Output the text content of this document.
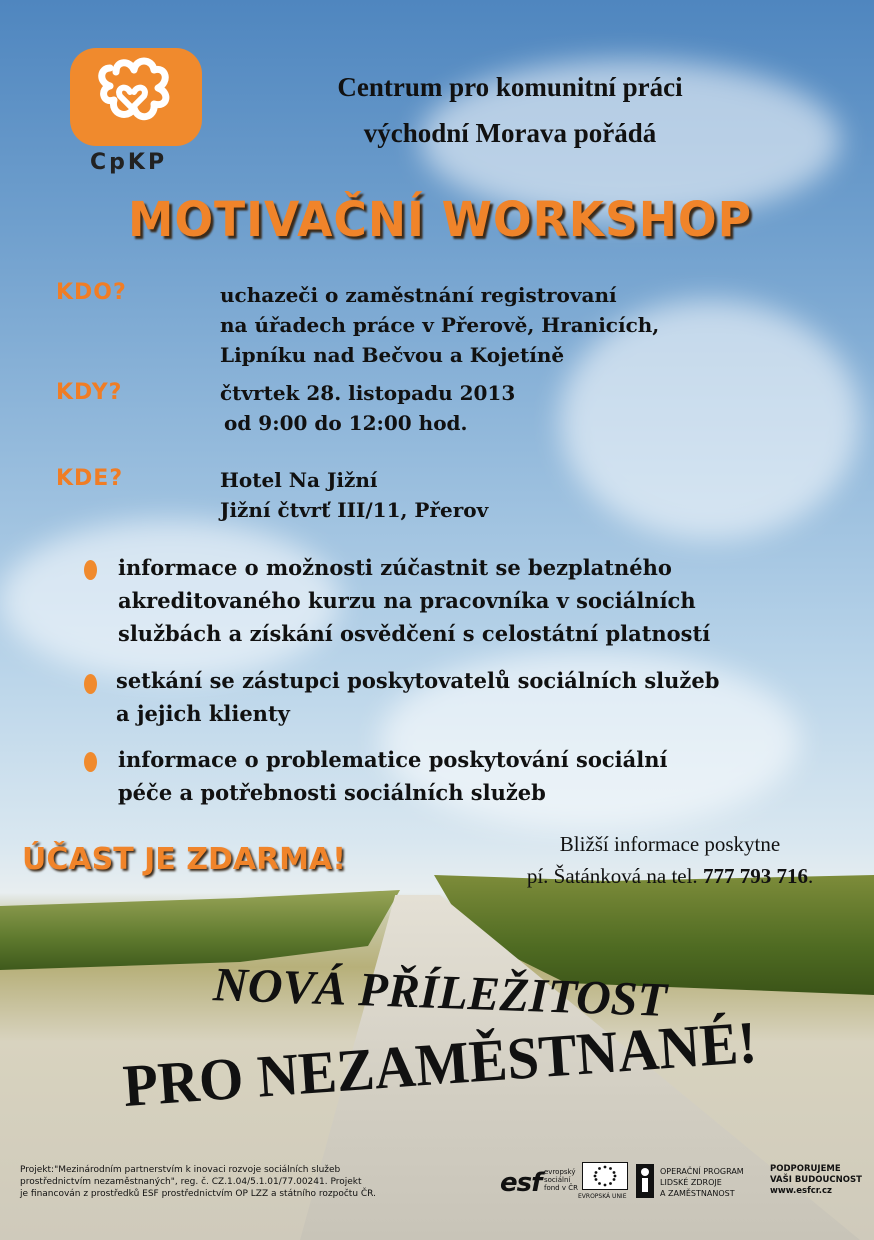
CpKP
Centrum pro komunitní práci
východní Morava pořádá
MOTIVAČNÍ WORKSHOP
KDO?	uchazeči o zaměstnání registrovaní
na úřadech práce v Přerově, Hranicích,
Lipníku nad Bečvou a Kojetíně
KDY?	čtvrtek 28. listopadu 2013
od 9:00 do 12:00 hod.
KDE?	Hotel Na Jižní
Jižní čtvrť III/11, Přerov
informace o možnosti zúčastnit se bezplatného
akreditovaného kurzu na pracovníka v sociálních
službách a získání osvědčení s celostátní platností
setkání se zástupci poskytovatelů sociálních služeb
a jejich klienty
informace o problematice poskytování sociální
péče a potřebnosti sociálních služeb
ÚČAST JE ZDARMA!	Bližší informace poskytne
pí. Šatánková na tel. 777 793 716.
NOVÁ PŘÍLEŽITOST
PRO NEZAMĚSTNANÉ!
Projekt:"Mezinárodním partnerstvím k inovaci rozvoje sociálních služeb
prostřednictvím nezaměstnaných", reg. č. CZ.1.04/5.1.01/77.00241. Projekt
je financován z prostředků ESF prostřednictvím OP LZZ a státního rozpočtu ČR.	esf evropský
sociální
fond v ČR
EVROPSKÁ UNIE
OPERAČNÍ PROGRAM
LIDSKÉ ZDROJE
A ZAMĚSTNANOST
PODPORUJEME
VAŠI BUDOUCNOST
www.esfcr.cz
